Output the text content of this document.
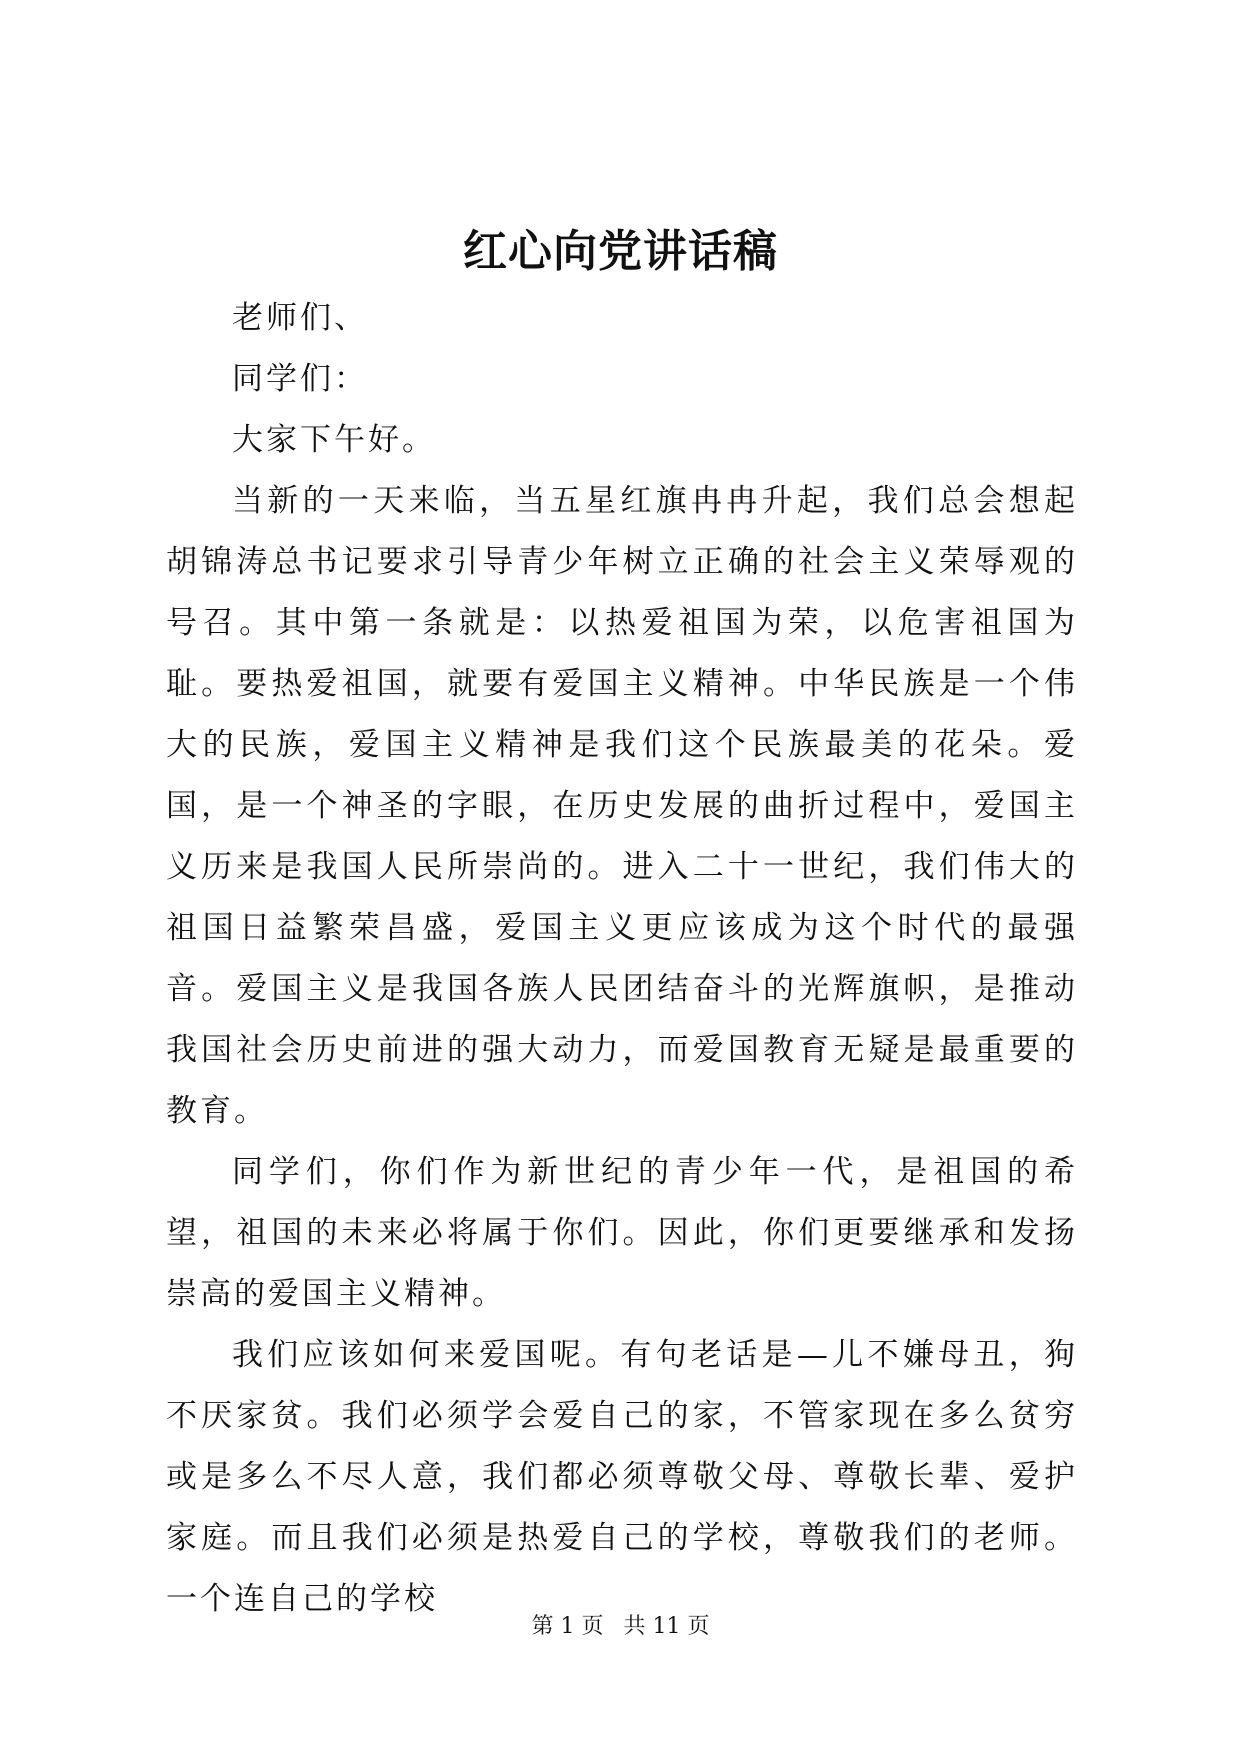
红心向党讲话稿

老师们、

同学们：

大家下午好。

当新的一天来临，当五星红旗冉冉升起，我们总会想起胡锦涛总书记要求引导青少年树立正确的社会主义荣辱观的号召。其中第一条就是：以热爱祖国为荣，以危害祖国为耻。要热爱祖国，就要有爱国主义精神。中华民族是一个伟大的民族，爱国主义精神是我们这个民族最美的花朵。爱国，是一个神圣的字眼，在历史发展的曲折过程中，爱国主义历来是我国人民所崇尚的。进入二十一世纪，我们伟大的祖国日益繁荣昌盛，爱国主义更应该成为这个时代的最强音。爱国主义是我国各族人民团结奋斗的光辉旗帜，是推动我国社会历史前进的强大动力，而爱国教育无疑是最重要的教育。

同学们，你们作为新世纪的青少年一代，是祖国的希望，祖国的未来必将属于你们。因此，你们更要继承和发扬崇高的爱国主义精神。

我们应该如何来爱国呢。有句老话是—儿不嫌母丑，狗不厌家贫。我们必须学会爱自己的家，不管家现在多么贫穷或是多么不尽人意，我们都必须尊敬父母、尊敬长辈、爱护家庭。而且我们必须是热爱自己的学校，尊敬我们的老师。一个连自己的学校

第 1 页 共 11 页
